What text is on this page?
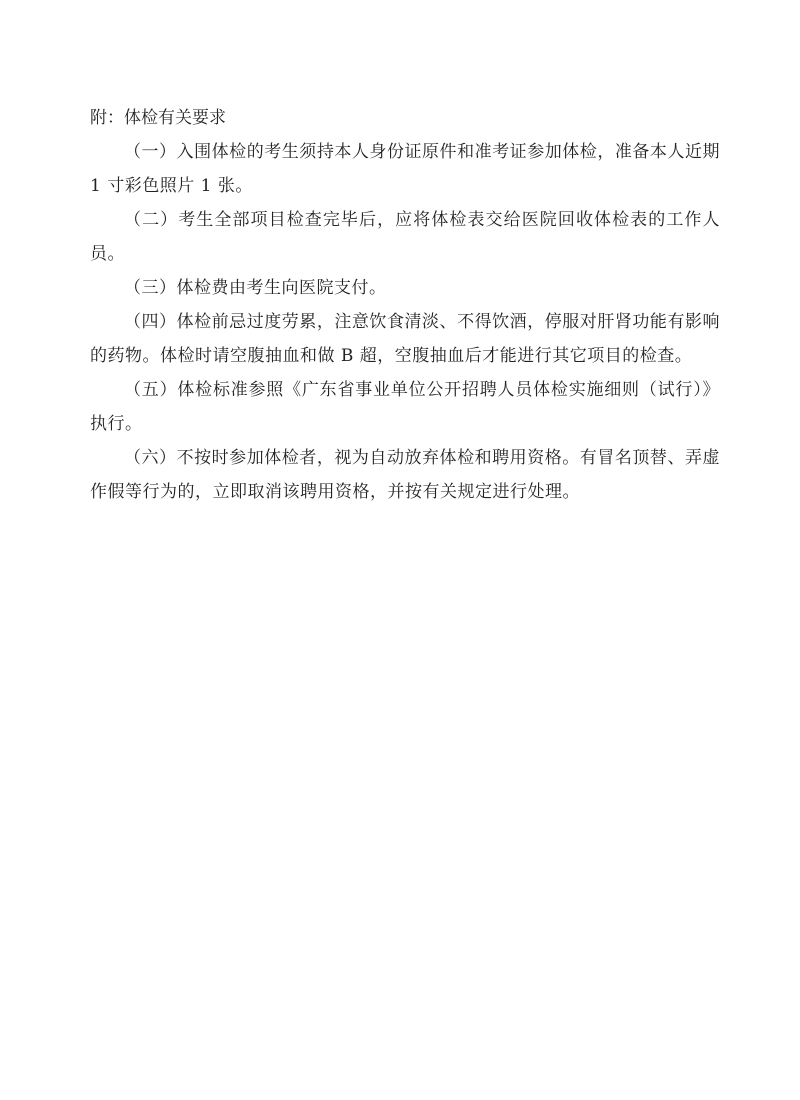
附：体检有关要求

（一）入围体检的考生须持本人身份证原件和准考证参加体检，准备本人近期 1 寸彩色照片 1 张。

（二）考生全部项目检查完毕后，应将体检表交给医院回收体检表的工作人员。

（三）体检费由考生向医院支付。

（四）体检前忌过度劳累，注意饮食清淡、不得饮酒，停服对肝肾功能有影响的药物。体检时请空腹抽血和做 B 超，空腹抽血后才能进行其它项目的检查。

（五）体检标准参照《广东省事业单位公开招聘人员体检实施细则（试行）》执行。

（六）不按时参加体检者，视为自动放弃体检和聘用资格。有冒名顶替、弄虚作假等行为的，立即取消该聘用资格，并按有关规定进行处理。
